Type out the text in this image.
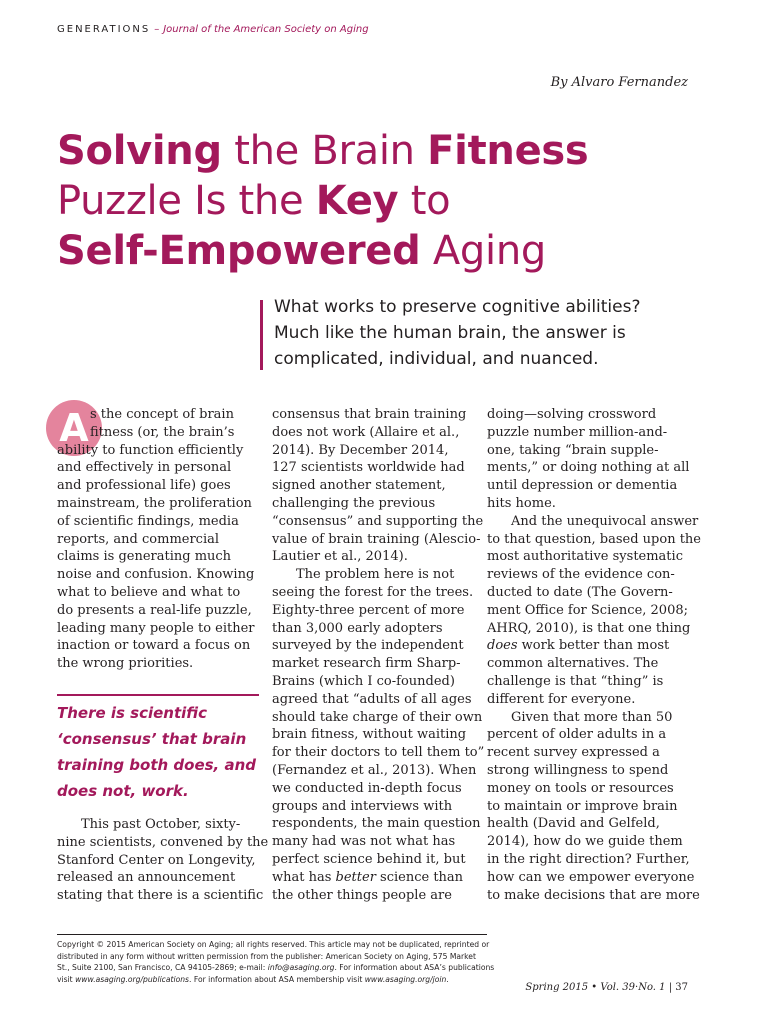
GENERATIONS – Journal of the American Society on Aging
By Alvaro Fernandez
Solving the Brain Fitness
Puzzle Is the Key to
Self-Empowered Aging
What works to preserve cognitive abilities?
Much like the human brain, the answer is
complicated, individual, and nuanced.
A s the concept of brain
fitness (or, the brain’s
ability to function efficiently
and effectively in personal
and professional life) goes
mainstream, the proliferation
of scientific findings, media
reports, and commercial
claims is generating much
noise and confusion. Knowing
what to believe and what to
do presents a real-life puzzle,
leading many people to either
inaction or toward a focus on
the wrong priorities.
There is scientific
‘consensus’ that brain
training both does, and
does not, work.
This past October, sixty-
nine scientists, convened by the
Stanford Center on Longevity,
released an announcement
stating that there is a scientific
consensus that brain training
does not work (Allaire et al.,
2014). By December 2014,
127 scientists worldwide had
signed another statement,
challenging the previous
“consensus” and supporting the
value of brain training (Alescio-
Lautier et al., 2014).
The problem here is not
seeing the forest for the trees.
Eighty-three percent of more
than 3,000 early adopters
surveyed by the independent
market research firm Sharp-
Brains (which I co-founded)
agreed that “adults of all ages
should take charge of their own
brain fitness, without waiting
for their doctors to tell them to”
(Fernandez et al., 2013). When
we conducted in-depth focus
groups and interviews with
respondents, the main question
many had was not what has
perfect science behind it, but
what has better science than
the other things people are
doing—solving crossword
puzzle number million-and-
one, taking “brain supple-
ments,” or doing nothing at all
until depression or dementia
hits home.
And the unequivocal answer
to that question, based upon the
most authoritative systematic
reviews of the evidence con-
ducted to date (The Govern-
ment Office for Science, 2008;
AHRQ, 2010), is that one thing
does work better than most
common alternatives. The
challenge is that “thing” is
different for everyone.
Given that more than 50
percent of older adults in a
recent survey expressed a
strong willingness to spend
money on tools or resources
to maintain or improve brain
health (David and Gelfeld,
2014), how do we guide them
in the right direction? Further,
how can we empower everyone
to make decisions that are more
Copyright © 2015 American Society on Aging; all rights reserved. This article may not be duplicated, reprinted or
distributed in any form without written permission from the publisher: American Society on Aging, 575 Market
St., Suite 2100, San Francisco, CA 94105-2869; e-mail: info@asaging.org. For information about ASA’s publications
visit www.asaging.org/publications. For information about ASA membership visit www.asaging.org/join.
Spring 2015 • Vol. 39·No. 1 | 37
